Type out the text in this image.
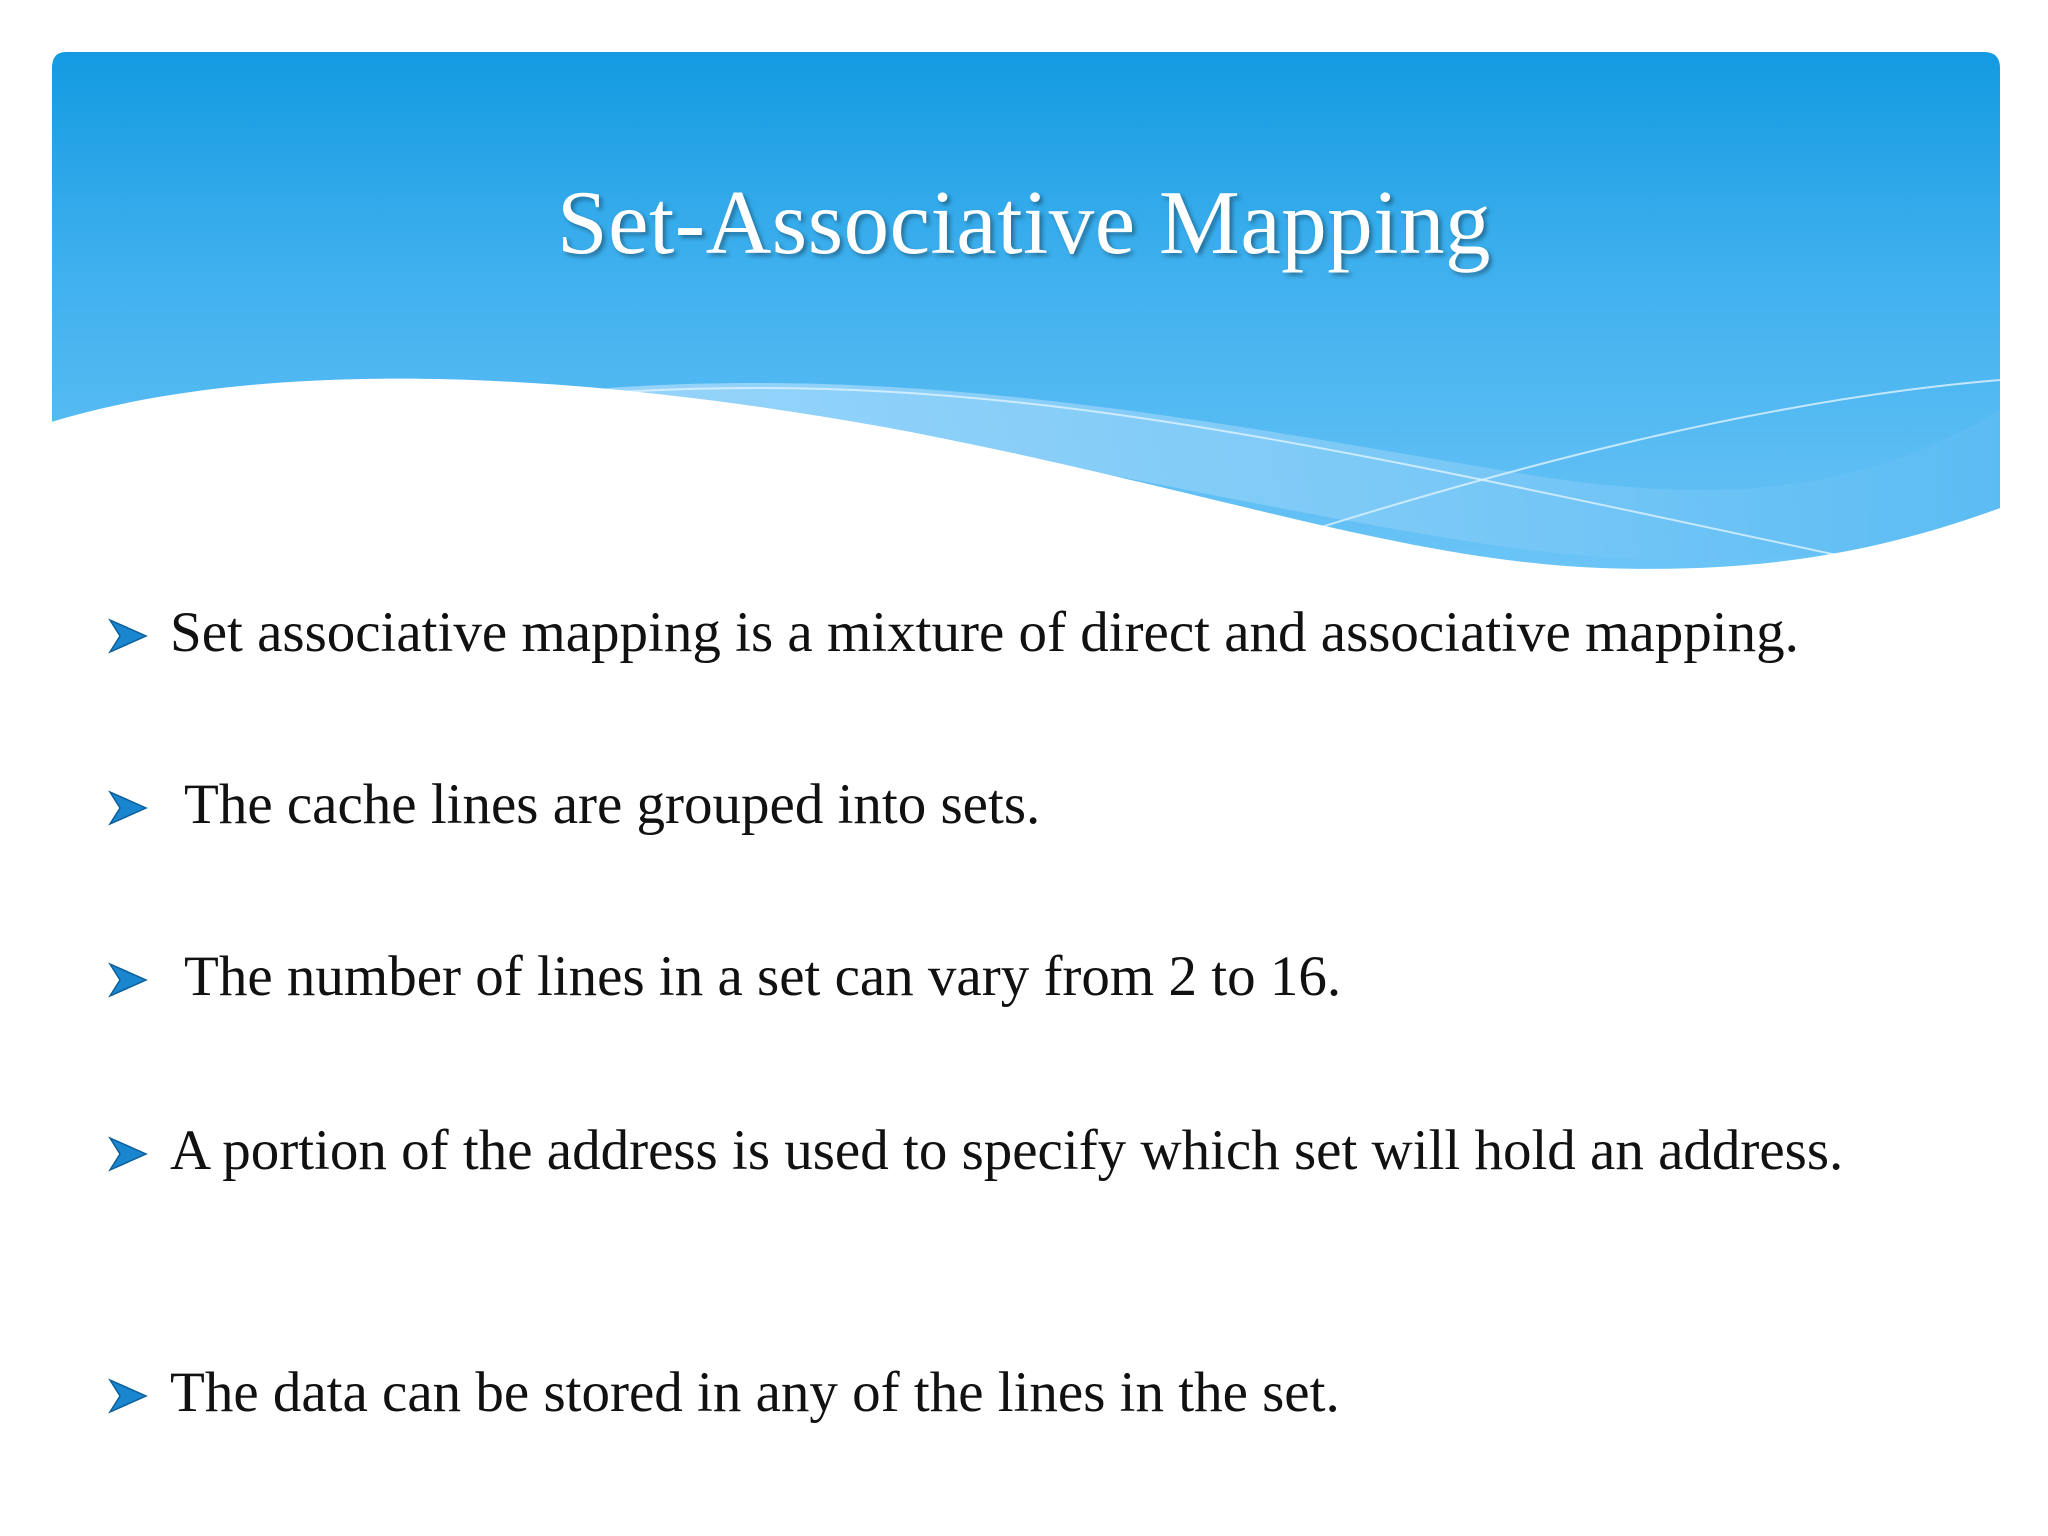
Set-Associative Mapping
Set associative mapping is a mixture of direct and associative mapping.
The cache lines are grouped into sets.
The number of lines in a set can vary from 2 to 16.
A portion of the address is used to specify which set will hold an address.
The data can be stored in any of the lines in the set.
